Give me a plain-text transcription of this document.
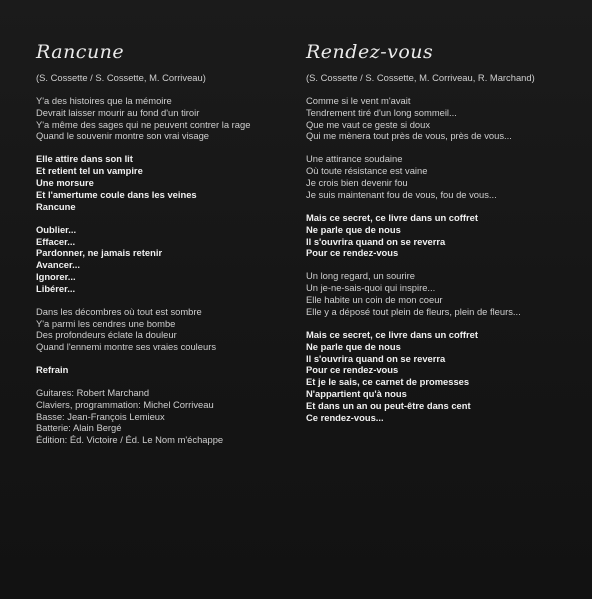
Rancune
(S. Cossette / S. Cossette, M. Corriveau)
Y'a des histoires que la mémoire
Devrait laisser mourir au fond d'un tiroir
Y'a même des sages qui ne peuvent contrer la rage
Quand le souvenir montre son vrai visage
Elle attire dans son lit
Et retient tel un vampire
Une morsure
Et l'amertume coule dans les veines
Rancune
Oublier...
Effacer...
Pardonner, ne jamais retenir
Avancer...
Ignorer...
Libérer...
Dans les décombres où tout est sombre
Y'a parmi les cendres une bombe
Des profondeurs éclate la douleur
Quand l'ennemi montre ses vraies couleurs
Refrain
Guitares: Robert Marchand
Claviers, programmation: Michel Corriveau
Basse: Jean-François Lemieux
Batterie: Alain Bergé
Édition: Éd. Victoire / Éd. Le Nom m'échappe
Rendez-vous
(S. Cossette / S. Cossette, M. Corriveau, R. Marchand)
Comme si le vent m'avait
Tendrement tiré d'un long sommeil...
Que me vaut ce geste si doux
Qui me mènera tout près de vous, près de vous...
Une attirance soudaine
Où toute résistance est vaine
Je crois bien devenir fou
Je suis maintenant fou de vous, fou de vous...
Mais ce secret, ce livre dans un coffret
Ne parle que de nous
Il s'ouvrira quand on se reverra
Pour ce rendez-vous
Un long regard, un sourire
Un je-ne-sais-quoi qui inspire...
Elle habite un coin de mon coeur
Elle y a déposé tout plein de fleurs, plein de fleurs...
Mais ce secret, ce livre dans un coffret
Ne parle que de nous
Il s'ouvrira quand on se reverra
Pour ce rendez-vous
Et je le sais, ce carnet de promesses
N'appartient qu'à nous
Et dans un an ou peut-être dans cent
Ce rendez-vous...
